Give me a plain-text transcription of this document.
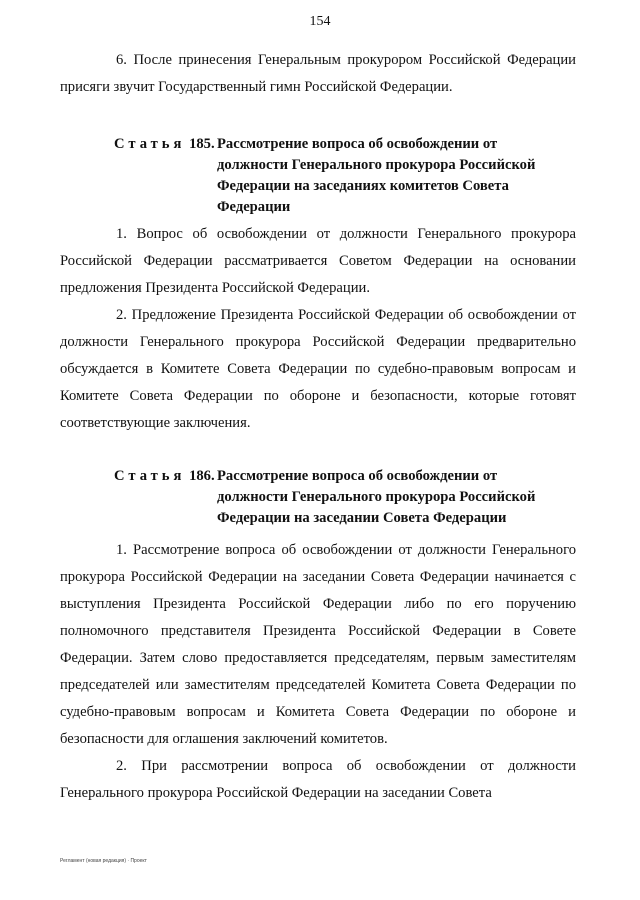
154

6. После принесения Генеральным прокурором Российской Федерации присяги звучит Государственный гимн Российской Федерации.

Статья 185. Рассмотрение вопроса об освобождении от
должности Генерального прокурора Российской
Федерации на заседаниях комитетов Совета
Федерации

1. Вопрос об освобождении от должности Генерального прокурора Российской Федерации рассматривается Советом Федерации на основании предложения Президента Российской Федерации.

2. Предложение Президента Российской Федерации об освобождении от должности Генерального прокурора Российской Федерации предварительно обсуждается в Комитете Совета Федерации по судебно-правовым вопросам и Комитете Совета Федерации по обороне и безопасности, которые готовят соответствующие заключения.

Статья 186. Рассмотрение вопроса об освобождении от
должности Генерального прокурора Российской
Федерации на заседании Совета Федерации

1. Рассмотрение вопроса об освобождении от должности Генерального прокурора Российской Федерации на заседании Совета Федерации начинается с выступления Президента Российской Федерации либо по его поручению полномочного представителя Президента Российской Федерации в Совете Федерации. Затем слово предоставляется председателям, первым заместителям председателей или заместителям председателей Комитета Совета Федерации по судебно-правовым вопросам и Комитета Совета Федерации по обороне и безопасности для оглашения заключений комитетов.

2. При рассмотрении вопроса об освобождении от должности Генерального прокурора Российской Федерации на заседании Совета

Регламент (новая редакция) · Проект
